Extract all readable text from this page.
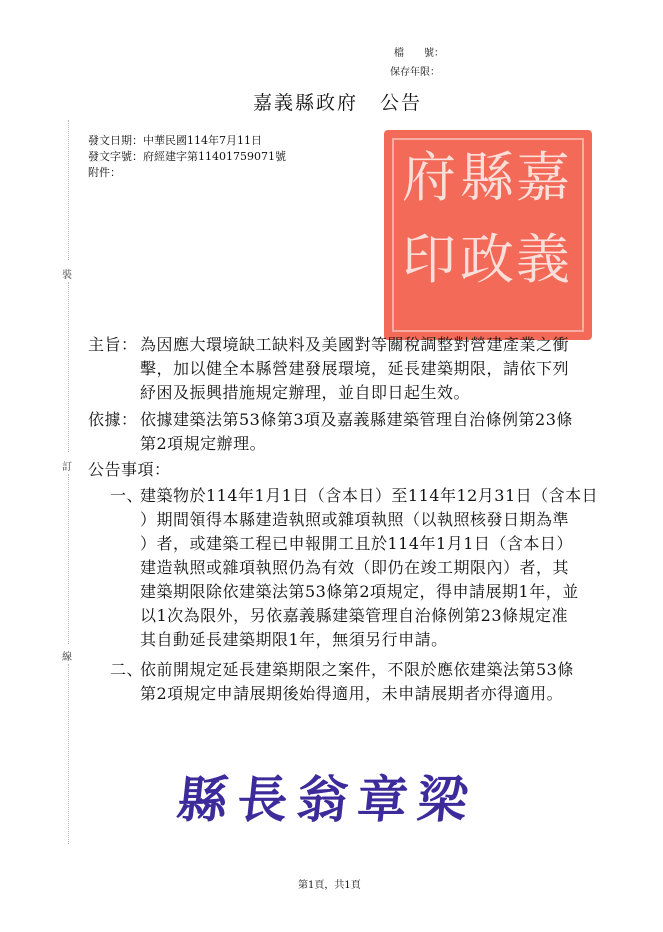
檔　　號：
保存年限：
嘉義縣政府 公告
發文日期：中華民國114年7月11日
發文字號：府經建字第11401759071號
附件：	嘉
義
縣
政
府
印
裝
訂
線
主旨： 為因應大環境缺工缺料及美國對等關稅調整對營建產業之衝
擊，加以健全本縣營建發展環境，延長建築期限，請依下列
紓困及振興措施規定辦理，並自即日起生效。
依據： 依據建築法第53條第3項及嘉義縣建築管理自治條例第23條
第2項規定辦理。
公告事項：
一、
建築物於114年1月1日（含本日）至114年12月31日（含本日
）期間領得本縣建造執照或雜項執照（以執照核發日期為準
）者，或建築工程已申報開工且於114年1月1日（含本日）
建造執照或雜項執照仍為有效（即仍在竣工期限內）者，其
建築期限除依建築法第53條第2項規定，得申請展期1年，並
以1次為限外，另依嘉義縣建築管理自治條例第23條規定准
其自動延長建築期限1年，無須另行申請。
二、
依前開規定延長建築期限之案件，不限於應依建築法第53條
第2項規定申請展期後始得適用，未申請展期者亦得適用。
縣長翁章梁
第1頁，共1頁
